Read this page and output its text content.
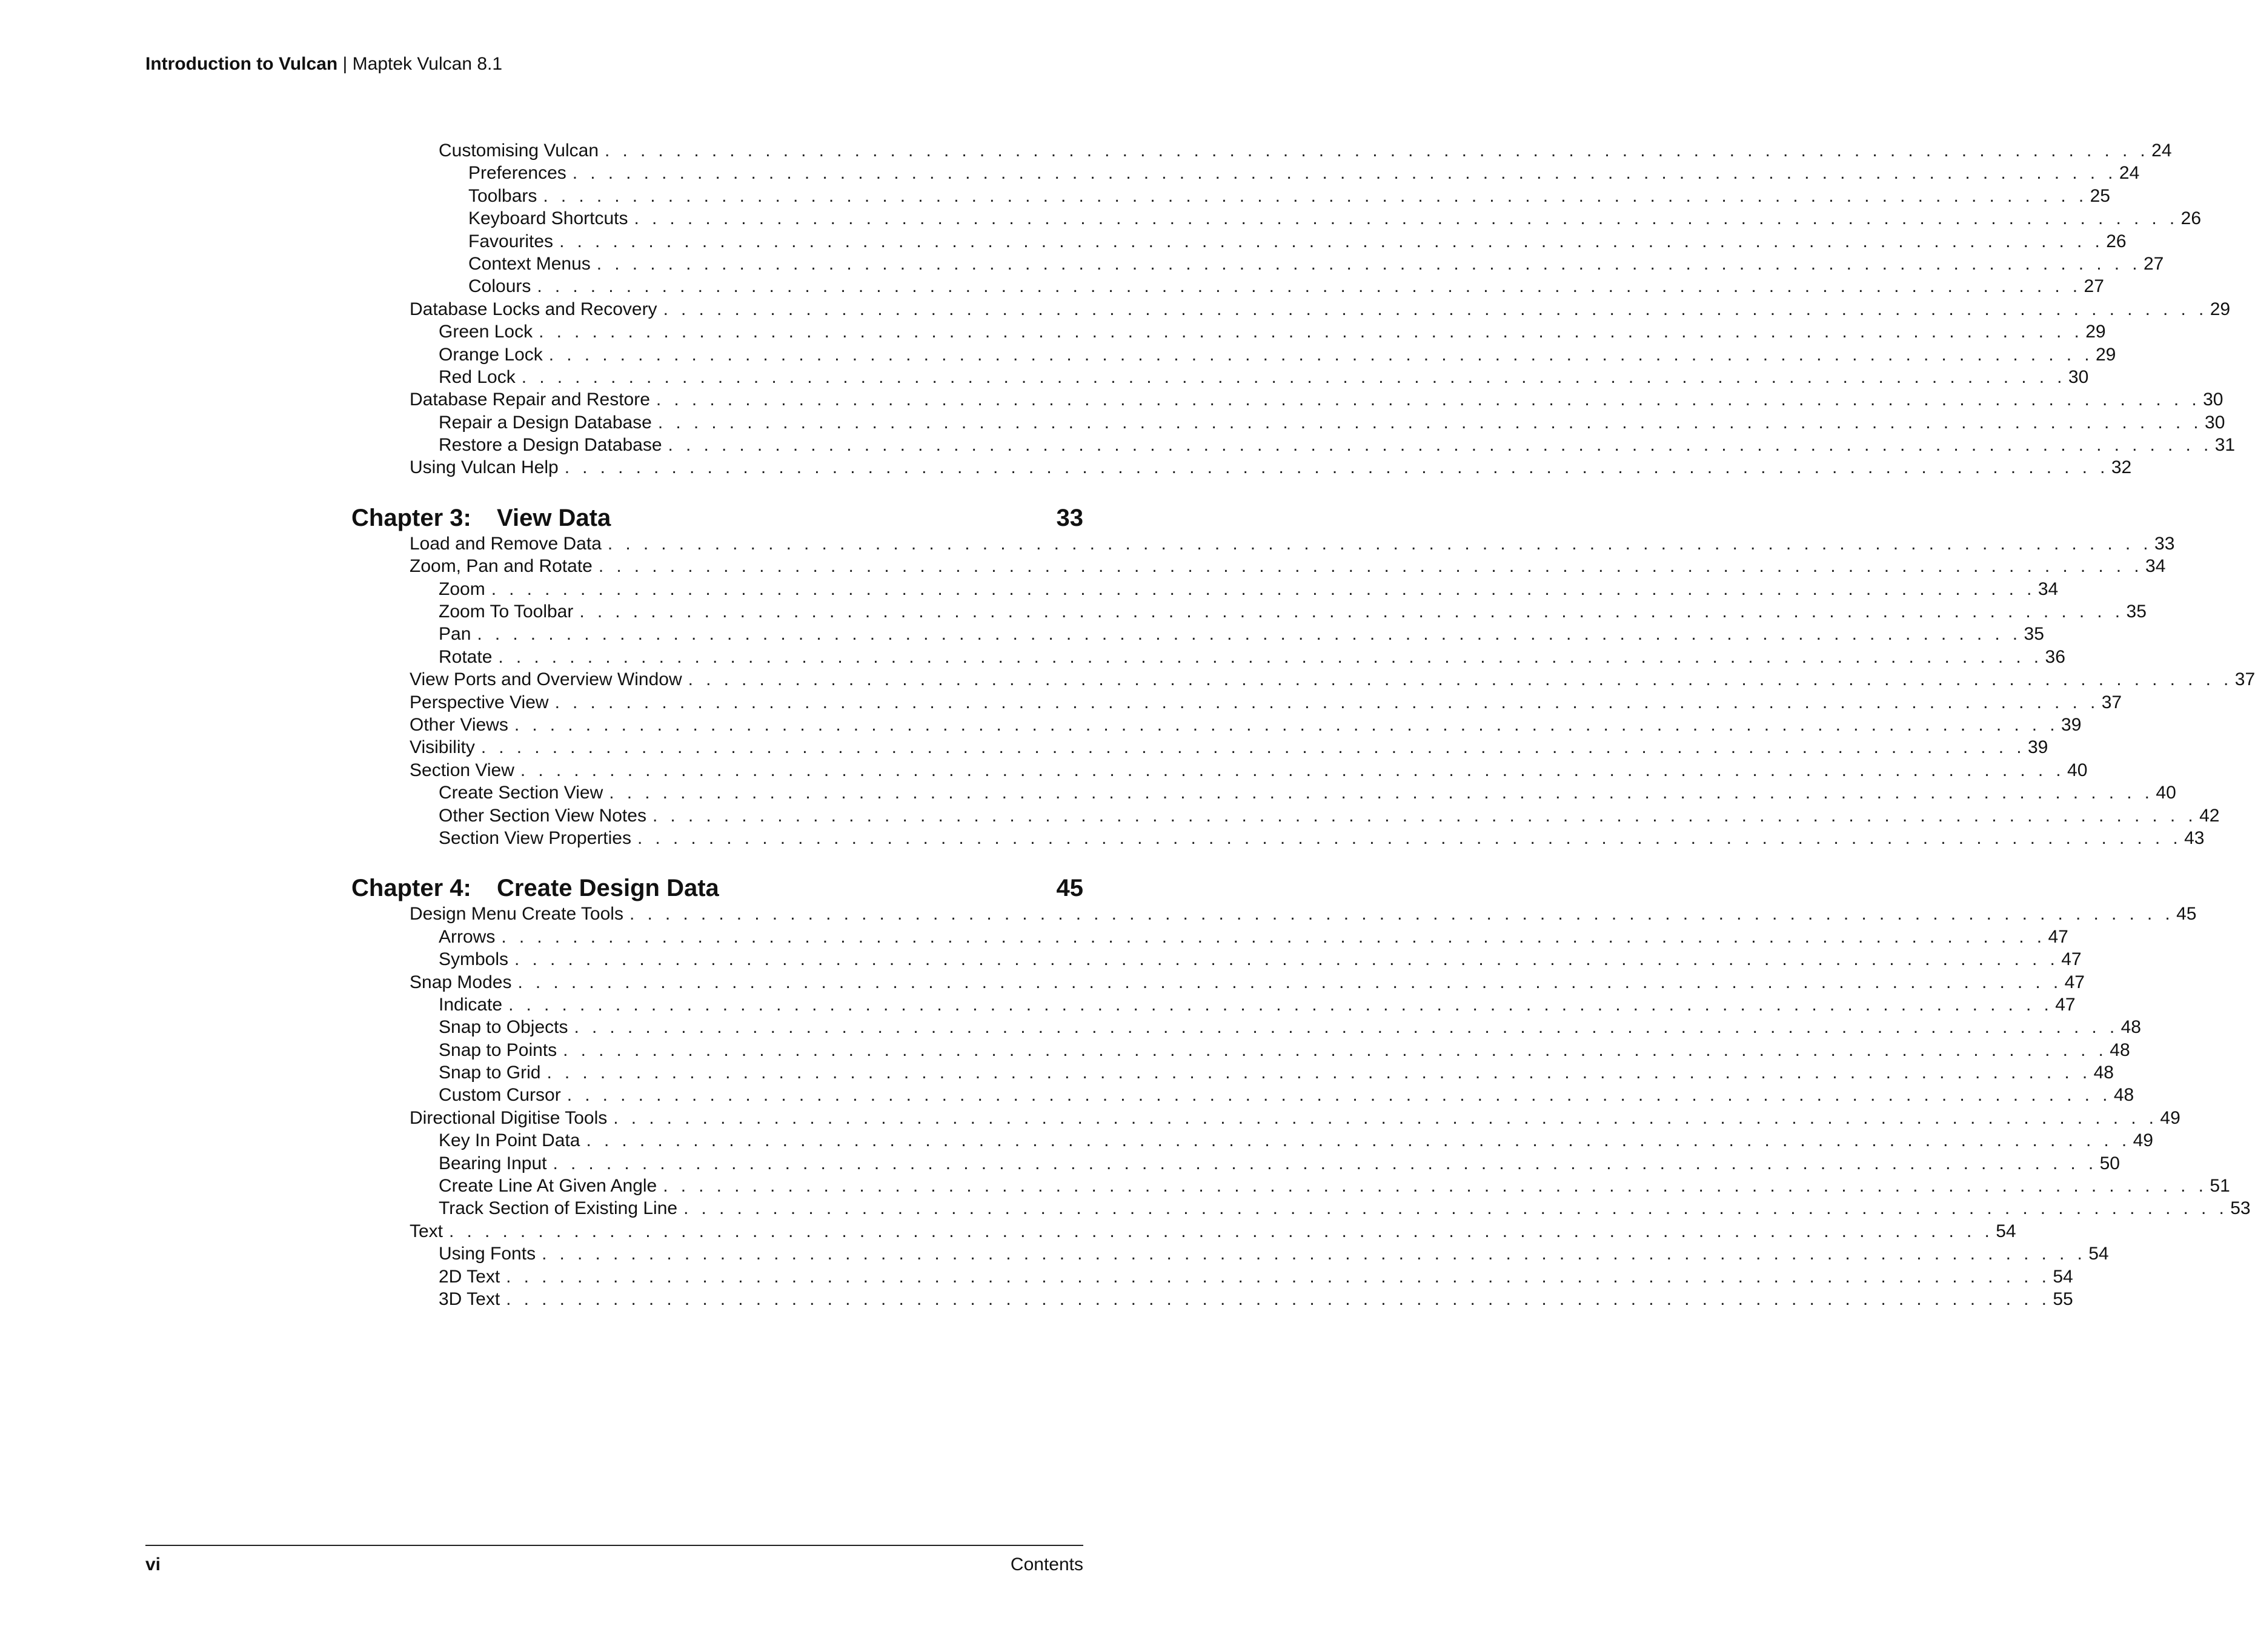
Introduction to Vulcan | Maptek Vulcan 8.1
Customising Vulcan . . . . . . . . . . . . . . . . . . . . . . . . . . . . . . . . . . . . . . . . . . . . . . . . . . . . . . . . . . . . . . . . . . . . . . . . . . . . . . . . . . . . . . . 24
Preferences . . . . . . . . . . . . . . . . . . . . . . . . . . . . . . . . . . . . . . . . . . . . . . . . . . . . . . . . . . . . . . . . . . . . . . . . . . . . . . . . . . . . . . . 24
Toolbars . . . . . . . . . . . . . . . . . . . . . . . . . . . . . . . . . . . . . . . . . . . . . . . . . . . . . . . . . . . . . . . . . . . . . . . . . . . . . . . . . . . . . . . 25
Keyboard Shortcuts . . . . . . . . . . . . . . . . . . . . . . . . . . . . . . . . . . . . . . . . . . . . . . . . . . . . . . . . . . . . . . . . . . . . . . . . . . . . . . . . . . . . . . . 26
Favourites . . . . . . . . . . . . . . . . . . . . . . . . . . . . . . . . . . . . . . . . . . . . . . . . . . . . . . . . . . . . . . . . . . . . . . . . . . . . . . . . . . . . . . . 26
Context Menus . . . . . . . . . . . . . . . . . . . . . . . . . . . . . . . . . . . . . . . . . . . . . . . . . . . . . . . . . . . . . . . . . . . . . . . . . . . . . . . . . . . . . . . 27
Colours . . . . . . . . . . . . . . . . . . . . . . . . . . . . . . . . . . . . . . . . . . . . . . . . . . . . . . . . . . . . . . . . . . . . . . . . . . . . . . . . . . . . . . . 27
Database Locks and Recovery . . . . . . . . . . . . . . . . . . . . . . . . . . . . . . . . . . . . . . . . . . . . . . . . . . . . . . . . . . . . . . . . . . . . . . . . . . . . . . . . . . . . . . . 29
Green Lock . . . . . . . . . . . . . . . . . . . . . . . . . . . . . . . . . . . . . . . . . . . . . . . . . . . . . . . . . . . . . . . . . . . . . . . . . . . . . . . . . . . . . . . 29
Orange Lock . . . . . . . . . . . . . . . . . . . . . . . . . . . . . . . . . . . . . . . . . . . . . . . . . . . . . . . . . . . . . . . . . . . . . . . . . . . . . . . . . . . . . . . 29
Red Lock . . . . . . . . . . . . . . . . . . . . . . . . . . . . . . . . . . . . . . . . . . . . . . . . . . . . . . . . . . . . . . . . . . . . . . . . . . . . . . . . . . . . . . . 30
Database Repair and Restore . . . . . . . . . . . . . . . . . . . . . . . . . . . . . . . . . . . . . . . . . . . . . . . . . . . . . . . . . . . . . . . . . . . . . . . . . . . . . . . . . . . . . . . 30
Repair a Design Database . . . . . . . . . . . . . . . . . . . . . . . . . . . . . . . . . . . . . . . . . . . . . . . . . . . . . . . . . . . . . . . . . . . . . . . . . . . . . . . . . . . . . . . 30
Restore a Design Database . . . . . . . . . . . . . . . . . . . . . . . . . . . . . . . . . . . . . . . . . . . . . . . . . . . . . . . . . . . . . . . . . . . . . . . . . . . . . . . . . . . . . . . 31
Using Vulcan Help . . . . . . . . . . . . . . . . . . . . . . . . . . . . . . . . . . . . . . . . . . . . . . . . . . . . . . . . . . . . . . . . . . . . . . . . . . . . . . . . . . . . . . . 32
Chapter 3:	View Data	33
Load and Remove Data . . . . . . . . . . . . . . . . . . . . . . . . . . . . . . . . . . . . . . . . . . . . . . . . . . . . . . . . . . . . . . . . . . . . . . . . . . . . . . . . . . . . . . . 33
Zoom, Pan and Rotate . . . . . . . . . . . . . . . . . . . . . . . . . . . . . . . . . . . . . . . . . . . . . . . . . . . . . . . . . . . . . . . . . . . . . . . . . . . . . . . . . . . . . . . 34
Zoom . . . . . . . . . . . . . . . . . . . . . . . . . . . . . . . . . . . . . . . . . . . . . . . . . . . . . . . . . . . . . . . . . . . . . . . . . . . . . . . . . . . . . . . 34
Zoom To Toolbar . . . . . . . . . . . . . . . . . . . . . . . . . . . . . . . . . . . . . . . . . . . . . . . . . . . . . . . . . . . . . . . . . . . . . . . . . . . . . . . . . . . . . . . 35
Pan . . . . . . . . . . . . . . . . . . . . . . . . . . . . . . . . . . . . . . . . . . . . . . . . . . . . . . . . . . . . . . . . . . . . . . . . . . . . . . . . . . . . . . . 35
Rotate . . . . . . . . . . . . . . . . . . . . . . . . . . . . . . . . . . . . . . . . . . . . . . . . . . . . . . . . . . . . . . . . . . . . . . . . . . . . . . . . . . . . . . . 36
View Ports and Overview Window . . . . . . . . . . . . . . . . . . . . . . . . . . . . . . . . . . . . . . . . . . . . . . . . . . . . . . . . . . . . . . . . . . . . . . . . . . . . . . . . . . . . . . . 37
Perspective View . . . . . . . . . . . . . . . . . . . . . . . . . . . . . . . . . . . . . . . . . . . . . . . . . . . . . . . . . . . . . . . . . . . . . . . . . . . . . . . . . . . . . . . 37
Other Views . . . . . . . . . . . . . . . . . . . . . . . . . . . . . . . . . . . . . . . . . . . . . . . . . . . . . . . . . . . . . . . . . . . . . . . . . . . . . . . . . . . . . . . 39
Visibility . . . . . . . . . . . . . . . . . . . . . . . . . . . . . . . . . . . . . . . . . . . . . . . . . . . . . . . . . . . . . . . . . . . . . . . . . . . . . . . . . . . . . . . 39
Section View . . . . . . . . . . . . . . . . . . . . . . . . . . . . . . . . . . . . . . . . . . . . . . . . . . . . . . . . . . . . . . . . . . . . . . . . . . . . . . . . . . . . . . . 40
Create Section View . . . . . . . . . . . . . . . . . . . . . . . . . . . . . . . . . . . . . . . . . . . . . . . . . . . . . . . . . . . . . . . . . . . . . . . . . . . . . . . . . . . . . . . 40
Other Section View Notes . . . . . . . . . . . . . . . . . . . . . . . . . . . . . . . . . . . . . . . . . . . . . . . . . . . . . . . . . . . . . . . . . . . . . . . . . . . . . . . . . . . . . . . 42
Section View Properties . . . . . . . . . . . . . . . . . . . . . . . . . . . . . . . . . . . . . . . . . . . . . . . . . . . . . . . . . . . . . . . . . . . . . . . . . . . . . . . . . . . . . . . 43
Chapter 4:	Create Design Data	45
Design Menu Create Tools . . . . . . . . . . . . . . . . . . . . . . . . . . . . . . . . . . . . . . . . . . . . . . . . . . . . . . . . . . . . . . . . . . . . . . . . . . . . . . . . . . . . . . . 45
Arrows . . . . . . . . . . . . . . . . . . . . . . . . . . . . . . . . . . . . . . . . . . . . . . . . . . . . . . . . . . . . . . . . . . . . . . . . . . . . . . . . . . . . . . . 47
Symbols . . . . . . . . . . . . . . . . . . . . . . . . . . . . . . . . . . . . . . . . . . . . . . . . . . . . . . . . . . . . . . . . . . . . . . . . . . . . . . . . . . . . . . . 47
Snap Modes . . . . . . . . . . . . . . . . . . . . . . . . . . . . . . . . . . . . . . . . . . . . . . . . . . . . . . . . . . . . . . . . . . . . . . . . . . . . . . . . . . . . . . . 47
Indicate . . . . . . . . . . . . . . . . . . . . . . . . . . . . . . . . . . . . . . . . . . . . . . . . . . . . . . . . . . . . . . . . . . . . . . . . . . . . . . . . . . . . . . . 47
Snap to Objects . . . . . . . . . . . . . . . . . . . . . . . . . . . . . . . . . . . . . . . . . . . . . . . . . . . . . . . . . . . . . . . . . . . . . . . . . . . . . . . . . . . . . . . 48
Snap to Points . . . . . . . . . . . . . . . . . . . . . . . . . . . . . . . . . . . . . . . . . . . . . . . . . . . . . . . . . . . . . . . . . . . . . . . . . . . . . . . . . . . . . . . 48
Snap to Grid . . . . . . . . . . . . . . . . . . . . . . . . . . . . . . . . . . . . . . . . . . . . . . . . . . . . . . . . . . . . . . . . . . . . . . . . . . . . . . . . . . . . . . . 48
Custom Cursor . . . . . . . . . . . . . . . . . . . . . . . . . . . . . . . . . . . . . . . . . . . . . . . . . . . . . . . . . . . . . . . . . . . . . . . . . . . . . . . . . . . . . . . 48
Directional Digitise Tools . . . . . . . . . . . . . . . . . . . . . . . . . . . . . . . . . . . . . . . . . . . . . . . . . . . . . . . . . . . . . . . . . . . . . . . . . . . . . . . . . . . . . . . 49
Key In Point Data . . . . . . . . . . . . . . . . . . . . . . . . . . . . . . . . . . . . . . . . . . . . . . . . . . . . . . . . . . . . . . . . . . . . . . . . . . . . . . . . . . . . . . . 49
Bearing Input . . . . . . . . . . . . . . . . . . . . . . . . . . . . . . . . . . . . . . . . . . . . . . . . . . . . . . . . . . . . . . . . . . . . . . . . . . . . . . . . . . . . . . . 50
Create Line At Given Angle . . . . . . . . . . . . . . . . . . . . . . . . . . . . . . . . . . . . . . . . . . . . . . . . . . . . . . . . . . . . . . . . . . . . . . . . . . . . . . . . . . . . . . . 51
Track Section of Existing Line . . . . . . . . . . . . . . . . . . . . . . . . . . . . . . . . . . . . . . . . . . . . . . . . . . . . . . . . . . . . . . . . . . . . . . . . . . . . . . . . . . . . . . . 53
Text . . . . . . . . . . . . . . . . . . . . . . . . . . . . . . . . . . . . . . . . . . . . . . . . . . . . . . . . . . . . . . . . . . . . . . . . . . . . . . . . . . . . . . . 54
Using Fonts . . . . . . . . . . . . . . . . . . . . . . . . . . . . . . . . . . . . . . . . . . . . . . . . . . . . . . . . . . . . . . . . . . . . . . . . . . . . . . . . . . . . . . . 54
2D Text . . . . . . . . . . . . . . . . . . . . . . . . . . . . . . . . . . . . . . . . . . . . . . . . . . . . . . . . . . . . . . . . . . . . . . . . . . . . . . . . . . . . . . . 54
3D Text . . . . . . . . . . . . . . . . . . . . . . . . . . . . . . . . . . . . . . . . . . . . . . . . . . . . . . . . . . . . . . . . . . . . . . . . . . . . . . . . . . . . . . . 55
vi	Contents
